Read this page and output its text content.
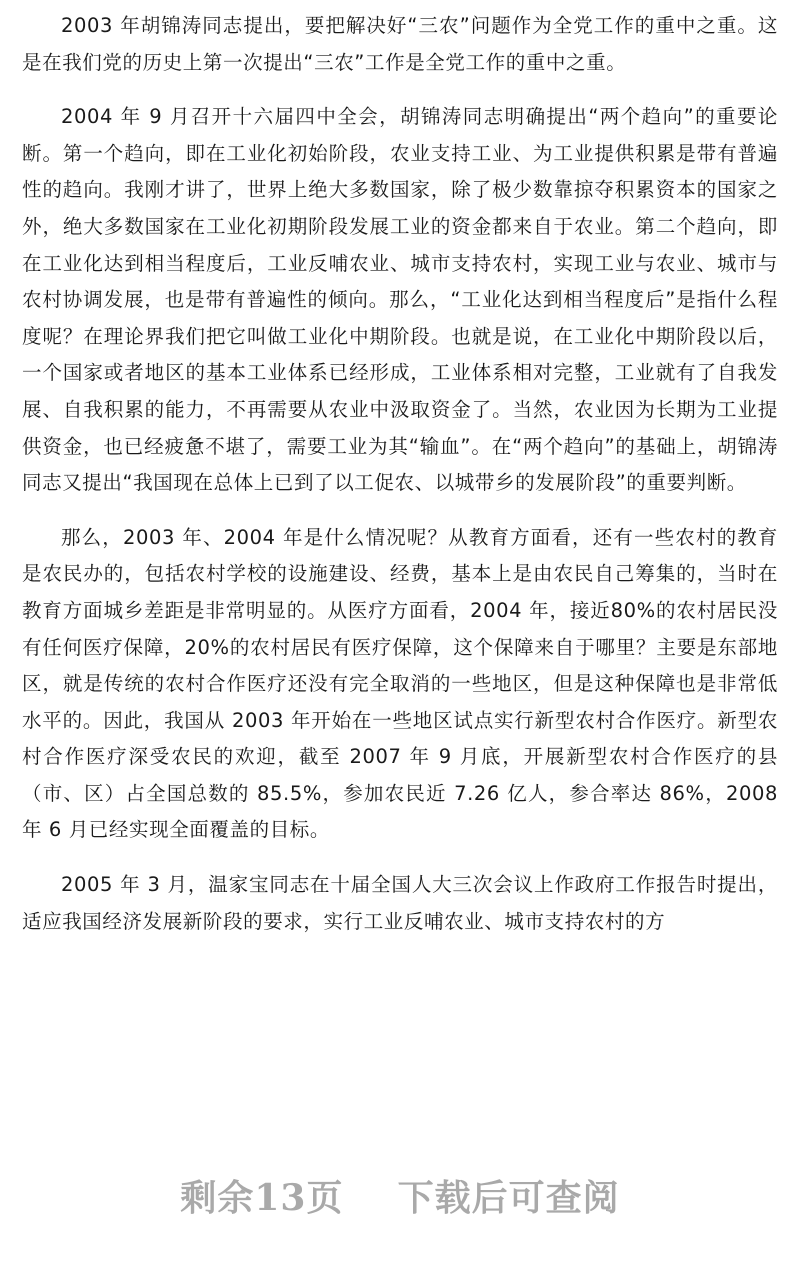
2003 年胡锦涛同志提出，要把解决好“三农”问题作为全党工作的重中之重。这是在我们党的历史上第一次提出“三农”工作是全党工作的重中之重。

2004 年 9 月召开十六届四中全会，胡锦涛同志明确提出“两个趋向”的重要论断。第一个趋向，即在工业化初始阶段，农业支持工业、为工业提供积累是带有普遍性的趋向。我刚才讲了，世界上绝大多数国家，除了极少数靠掠夺积累资本的国家之外，绝大多数国家在工业化初期阶段发展工业的资金都来自于农业。第二个趋向，即在工业化达到相当程度后，工业反哺农业、城市支持农村，实现工业与农业、城市与农村协调发展，也是带有普遍性的倾向。那么，“工业化达到相当程度后”是指什么程度呢？在理论界我们把它叫做工业化中期阶段。也就是说，在工业化中期阶段以后，一个国家或者地区的基本工业体系已经形成，工业体系相对完整，工业就有了自我发展、自我积累的能力，不再需要从农业中汲取资金了。当然，农业因为长期为工业提供资金，也已经疲惫不堪了，需要工业为其“输血”。在“两个趋向”的基础上，胡锦涛同志又提出“我国现在总体上已到了以工促农、以城带乡的发展阶段”的重要判断。

那么，2003 年、2004 年是什么情况呢？从教育方面看，还有一些农村的教育是农民办的，包括农村学校的设施建设、经费，基本上是由农民自己筹集的，当时在教育方面城乡差距是非常明显的。从医疗方面看，2004 年，接近80%的农村居民没有任何医疗保障，20%的农村居民有医疗保障，这个保障来自于哪里？主要是东部地区，就是传统的农村合作医疗还没有完全取消的一些地区，但是这种保障也是非常低水平的。因此，我国从 2003 年开始在一些地区试点实行新型农村合作医疗。新型农村合作医疗深受农民的欢迎，截至 2007 年 9 月底，开展新型农村合作医疗的县（市、区）占全国总数的 85.5%，参加农民近 7.26 亿人，参合率达 86%，2008 年 6 月已经实现全面覆盖的目标。

2005 年 3 月，温家宝同志在十届全国人大三次会议上作政府工作报告时提出，适应我国经济发展新阶段的要求，实行工业反哺农业、城市支持农村的方

剩余13页    下载后可查阅
